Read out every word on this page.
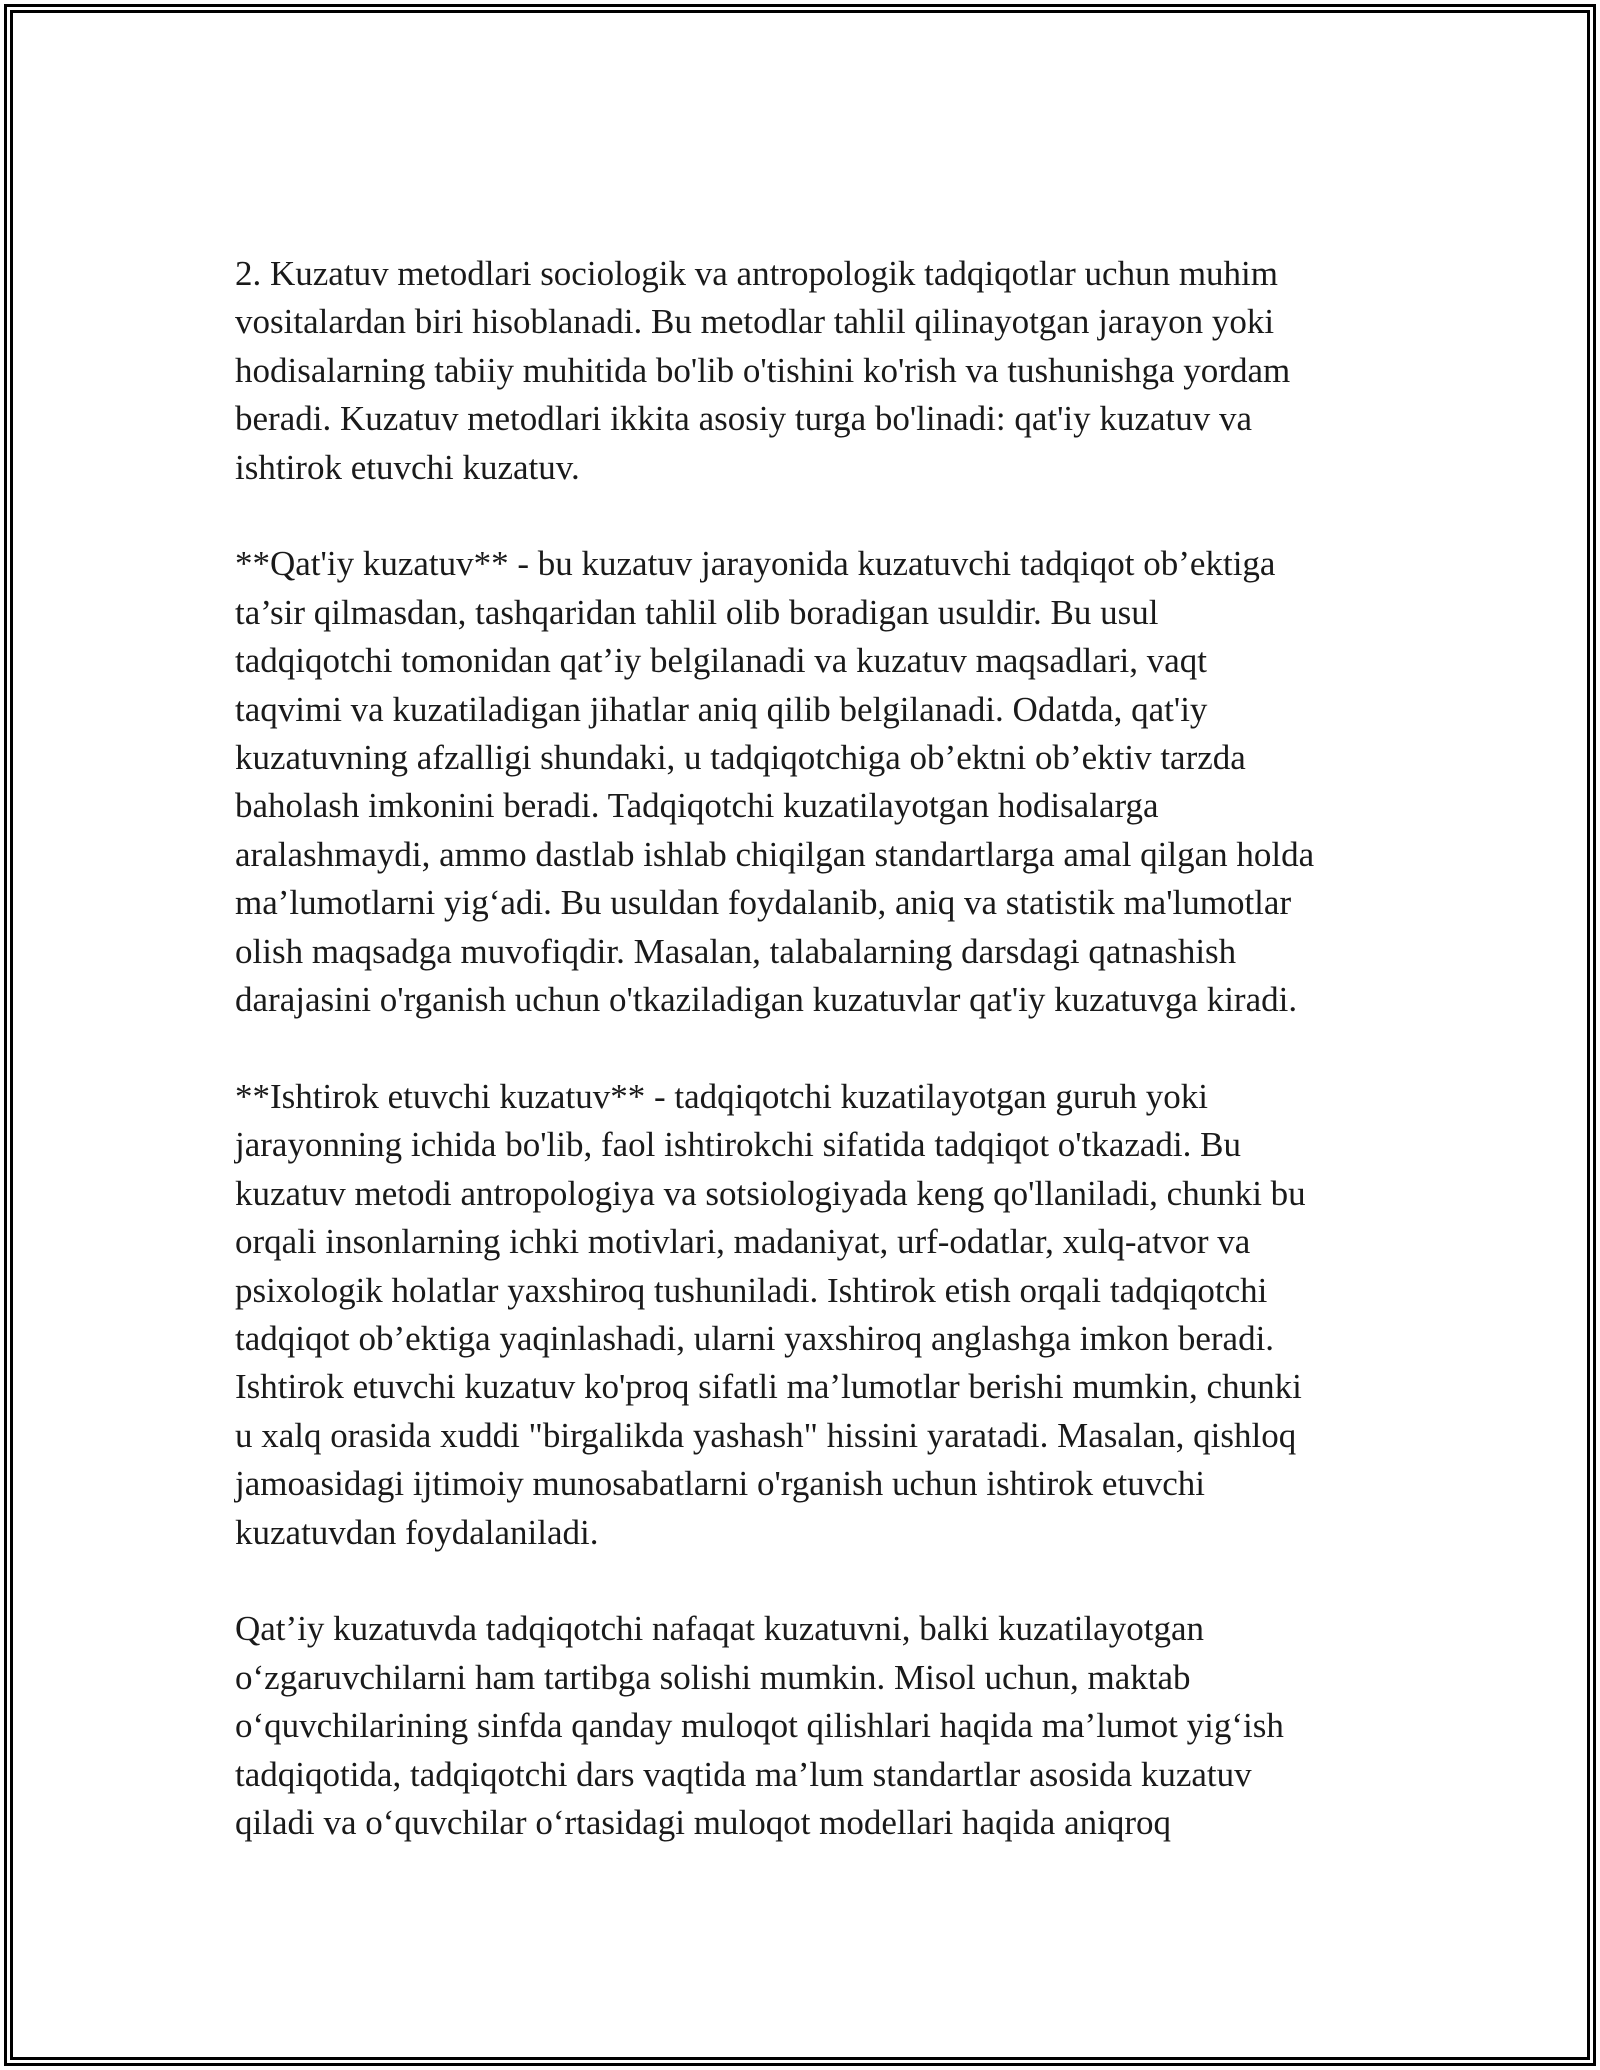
2. Kuzatuv metodlari sociologik va antropologik tadqiqotlar uchun muhim
vositalardan biri hisoblanadi. Bu metodlar tahlil qilinayotgan jarayon yoki
hodisalarning tabiiy muhitida bo'lib o'tishini ko'rish va tushunishga yordam
beradi. Kuzatuv metodlari ikkita asosiy turga bo'linadi: qat'iy kuzatuv va
ishtirok etuvchi kuzatuv.

**Qat'iy kuzatuv** - bu kuzatuv jarayonida kuzatuvchi tadqiqot ob’ektiga
ta’sir qilmasdan, tashqaridan tahlil olib boradigan usuldir. Bu usul
tadqiqotchi tomonidan qat’iy belgilanadi va kuzatuv maqsadlari, vaqt
taqvimi va kuzatiladigan jihatlar aniq qilib belgilanadi. Odatda, qat'iy
kuzatuvning afzalligi shundaki, u tadqiqotchiga ob’ektni ob’ektiv tarzda
baholash imkonini beradi. Tadqiqotchi kuzatilayotgan hodisalarga
aralashmaydi, ammo dastlab ishlab chiqilgan standartlarga amal qilgan holda
ma’lumotlarni yig‘adi. Bu usuldan foydalanib, aniq va statistik ma'lumotlar
olish maqsadga muvofiqdir. Masalan, talabalarning darsdagi qatnashish
darajasini o'rganish uchun o'tkaziladigan kuzatuvlar qat'iy kuzatuvga kiradi.

**Ishtirok etuvchi kuzatuv** - tadqiqotchi kuzatilayotgan guruh yoki
jarayonning ichida bo'lib, faol ishtirokchi sifatida tadqiqot o'tkazadi. Bu
kuzatuv metodi antropologiya va sotsiologiyada keng qo'llaniladi, chunki bu
orqali insonlarning ichki motivlari, madaniyat, urf-odatlar, xulq-atvor va
psixologik holatlar yaxshiroq tushuniladi. Ishtirok etish orqali tadqiqotchi
tadqiqot ob’ektiga yaqinlashadi, ularni yaxshiroq anglashga imkon beradi.
Ishtirok etuvchi kuzatuv ko'proq sifatli ma’lumotlar berishi mumkin, chunki
u xalq orasida xuddi "birgalikda yashash" hissini yaratadi. Masalan, qishloq
jamoasidagi ijtimoiy munosabatlarni o'rganish uchun ishtirok etuvchi
kuzatuvdan foydalaniladi.

Qat’iy kuzatuvda tadqiqotchi nafaqat kuzatuvni, balki kuzatilayotgan
o‘zgaruvchilarni ham tartibga solishi mumkin. Misol uchun, maktab
o‘quvchilarining sinfda qanday muloqot qilishlari haqida ma’lumot yig‘ish
tadqiqotida, tadqiqotchi dars vaqtida ma’lum standartlar asosida kuzatuv
qiladi va o‘quvchilar o‘rtasidagi muloqot modellari haqida aniqroq
